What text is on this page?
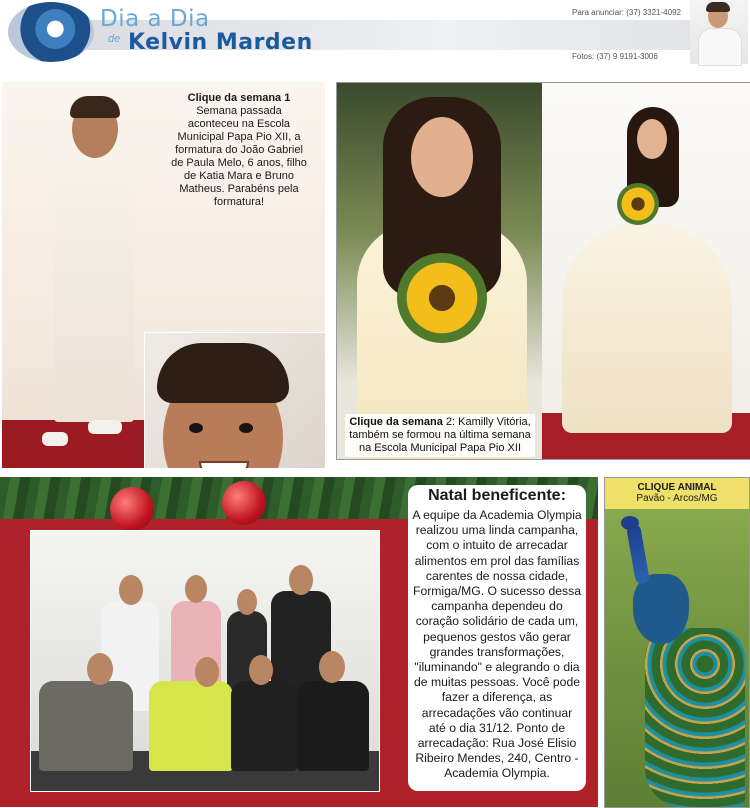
Dia a Dia
de Kelvin Marden
Para anunciar: (37) 3321-4092
Fotos: (37) 9 9191-3006
Clique da semana 1
Semana passada aconteceu na Escola Municipal Papa Pio XII, a formatura do João Gabriel de Paula Melo, 6 anos, filho de Katia Mara e Bruno Matheus. Parabéns pela formatura!
Clique da semana 2: Kamilly Vitória, também se formou na última semana na Escola Municipal Papa Pio XII
Natal beneficente:
A equipe da Academia Olympia realizou uma linda campanha, com o intuito de arrecadar alimentos em prol das famílias carentes de nossa cidade, Formiga/MG. O sucesso dessa campanha dependeu do coração solidário de cada um, pequenos gestos vão gerar grandes transformações, "iluminando" e alegrando o dia de muitas pessoas. Você pode fazer a diferença, as arrecadações vão continuar até o dia 31/12. Ponto de arrecadação: Rua José Elisio Ribeiro Mendes, 240, Centro - Academia Olympia.
CLIQUE ANIMAL
Pavão - Arcos/MG
